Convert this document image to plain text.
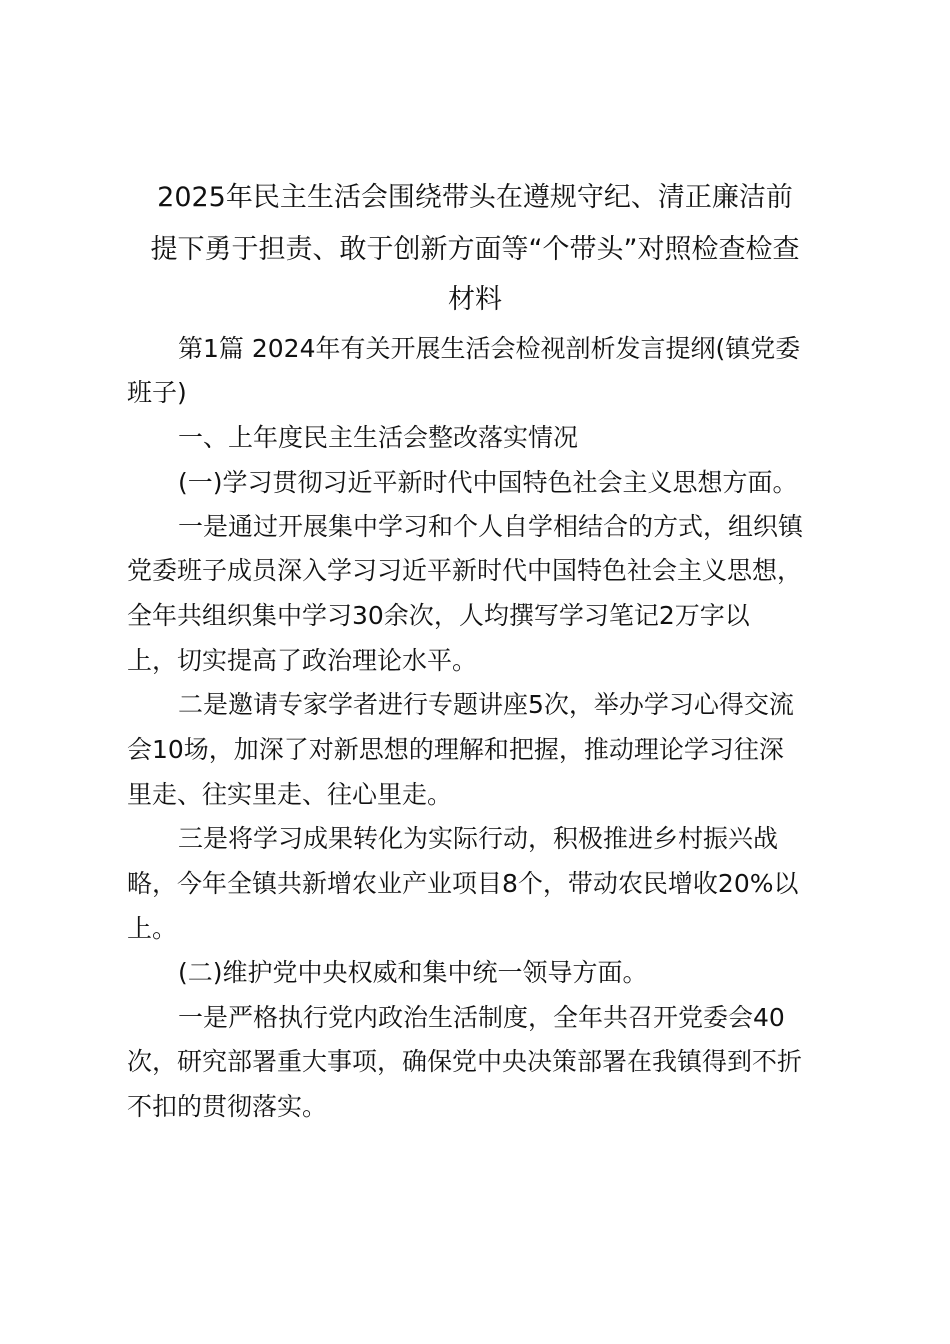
2025年民主生活会围绕带头在遵规守纪、清正廉洁前
提下勇于担责、敢于创新方面等“个带头”对照检查检查
材料
第1篇 2024年有关开展生活会检视剖析发言提纲(镇党委
班子)
一、上年度民主生活会整改落实情况
(一)学习贯彻习近平新时代中国特色社会主义思想方面。
一是通过开展集中学习和个人自学相结合的方式，组织镇
党委班子成员深入学习习近平新时代中国特色社会主义思想，
全年共组织集中学习30余次，人均撰写学习笔记2万字以
上，切实提高了政治理论水平。
二是邀请专家学者进行专题讲座5次，举办学习心得交流
会10场，加深了对新思想的理解和把握，推动理论学习往深
里走、往实里走、往心里走。
三是将学习成果转化为实际行动，积极推进乡村振兴战
略，今年全镇共新增农业产业项目8个，带动农民增收20%以
上。
(二)维护党中央权威和集中统一领导方面。
一是严格执行党内政治生活制度，全年共召开党委会40
次，研究部署重大事项，确保党中央决策部署在我镇得到不折
不扣的贯彻落实。
